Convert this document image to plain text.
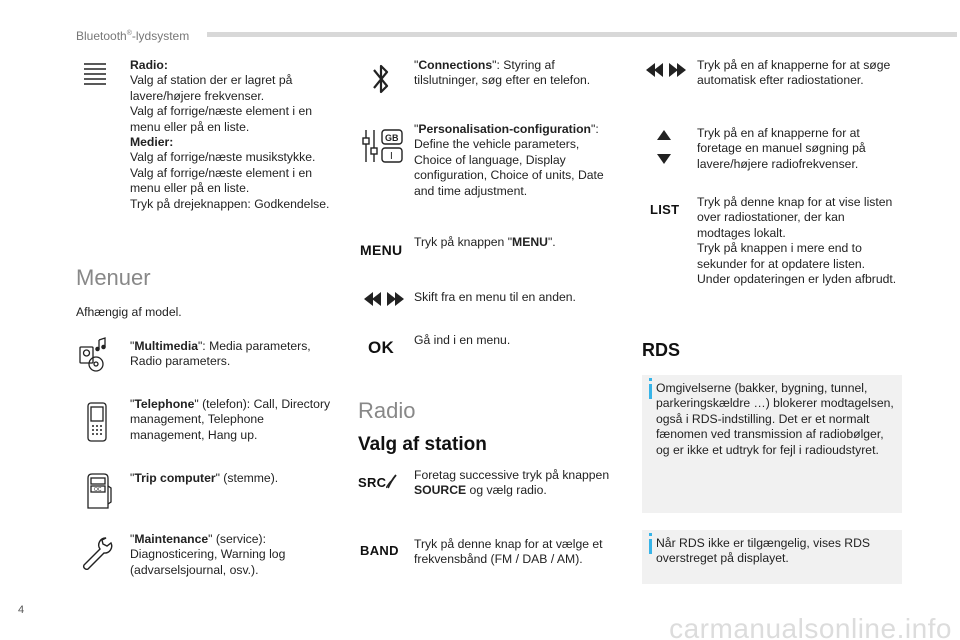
Bluetooth®-lydsystem
Radio:
Valg af station der er lagret på lavere/højere frekvenser.
Valg af forrige/næste element i en menu eller på en liste.
Medier:
Valg af forrige/næste musikstykke.
Valg af forrige/næste element i en menu eller på en liste.
Tryk på drejeknappen: Godkendelse.
Menuer
Afhængig af model.
"Multimedia": Media parameters, Radio parameters.
"Telephone" (telefon): Call, Directory management, Telephone management, Hang up.
OC
"Trip computer" (stemme).
"Maintenance" (service): Diagnosticering, Warning log (advarselsjournal, osv.).
"Connections": Styring af tilslutninger, søg efter en telefon.
GB
I
"Personalisation-configuration": Define the vehicle parameters, Choice of language, Display configuration, Choice of units, Date and time adjustment.
MENU Tryk på knappen "MENU".
Skift fra en menu til en anden.
OK Gå ind i en menu.
Radio
Valg af station
SRC	Foretag successive tryk på knappen SOURCE og vælg radio.
BAND Tryk på denne knap for at vælge et frekvensbånd (FM / DAB / AM).
Tryk på en af knapperne for at søge automatisk efter radiostationer.
Tryk på en af knapperne for at foretage en manuel søgning på lavere/højere radiofrekvenser.
LIST Tryk på denne knap for at vise listen over radiostationer, der kan modtages lokalt.
Tryk på knappen i mere end to sekunder for at opdatere listen.
Under opdateringen er lyden afbrudt.
RDS
Omgivelserne (bakker, bygning, tunnel, parkeringskældre …) blokerer modtagelsen, også i RDS-indstilling. Det er et normalt fænomen ved transmission af radiobølger, og er ikke et udtryk for fejl i radioudstyret.
Når RDS ikke er tilgængelig, vises RDS overstreget på displayet.
4
carmanualsonline.info
